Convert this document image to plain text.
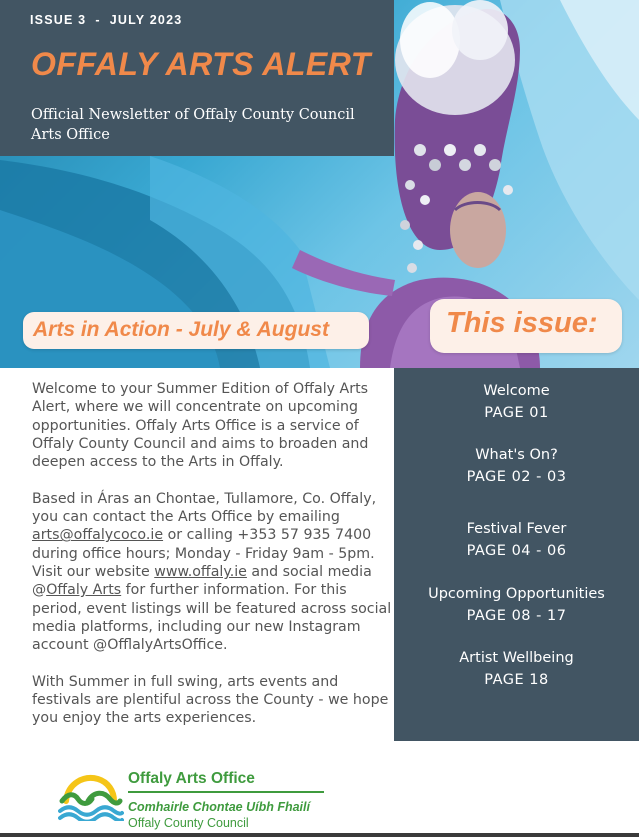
ISSUE 3 - JULY 2023
OFFALY ARTS ALERT
Official Newsletter of Offaly County Council
Arts Office
Arts in Action - July & August	This issue:

Welcome to your Summer Edition of Offaly Arts Alert, where we will concentrate on upcoming opportunities. Offaly Arts Office is a service of Offaly County Council and aims to broaden and deepen access to the Arts in Offaly.

Based in Áras an Chontae, Tullamore, Co. Offaly, you can contact the Arts Office by emailing arts@offalycoco.ie or calling +353 57 935 7400 during office hours; Monday - Friday 9am - 5pm. Visit our website www.offaly.ie and social media @Offaly Arts for further information. For this period, event listings will be featured across social media platforms, including our new Instagram account @OfflalyArtsOffice.

With Summer in full swing, arts events and festivals are plentiful across the County - we hope you enjoy the arts experiences.

Welcome
PAGE 01
What's On?
PAGE 02 - 03
Festival Fever
PAGE 04 - 06
Upcoming Opportunities
PAGE 08 - 17
Artist Wellbeing
PAGE 18
Offaly Arts Office
Comhairle Chontae Uíbh Fhailí
Offaly County Council
